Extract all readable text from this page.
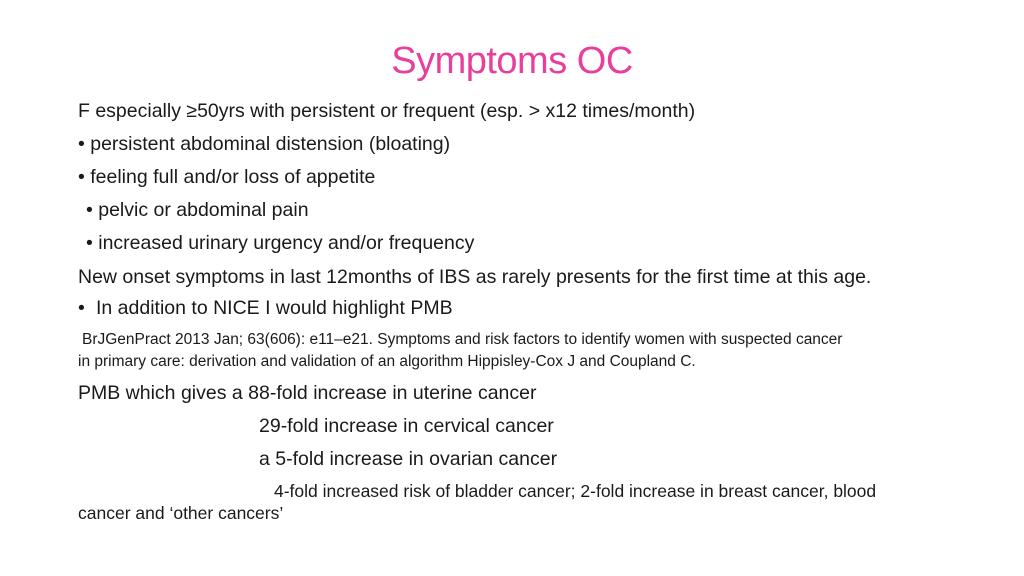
Symptoms OC
F especially ≥50yrs with persistent or frequent (esp. > x12 times/month)
• persistent abdominal distension (bloating)
• feeling full and/or loss of appetite
• pelvic or abdominal pain
• increased urinary urgency and/or frequency
New onset symptoms in last 12months of IBS as rarely presents for the first time at this age.
• In addition to NICE I would highlight PMB
BrJGenPract 2013 Jan; 63(606): e11–e21. Symptoms and risk factors to identify women with suspected cancer
in primary care: derivation and validation of an algorithm Hippisley-Cox J and Coupland C.
PMB which gives a 88-fold increase in uterine cancer
29-fold increase in cervical cancer
a 5-fold increase in ovarian cancer
4-fold increased risk of bladder cancer; 2-fold increase in breast cancer, blood
cancer and ‘other cancers’
